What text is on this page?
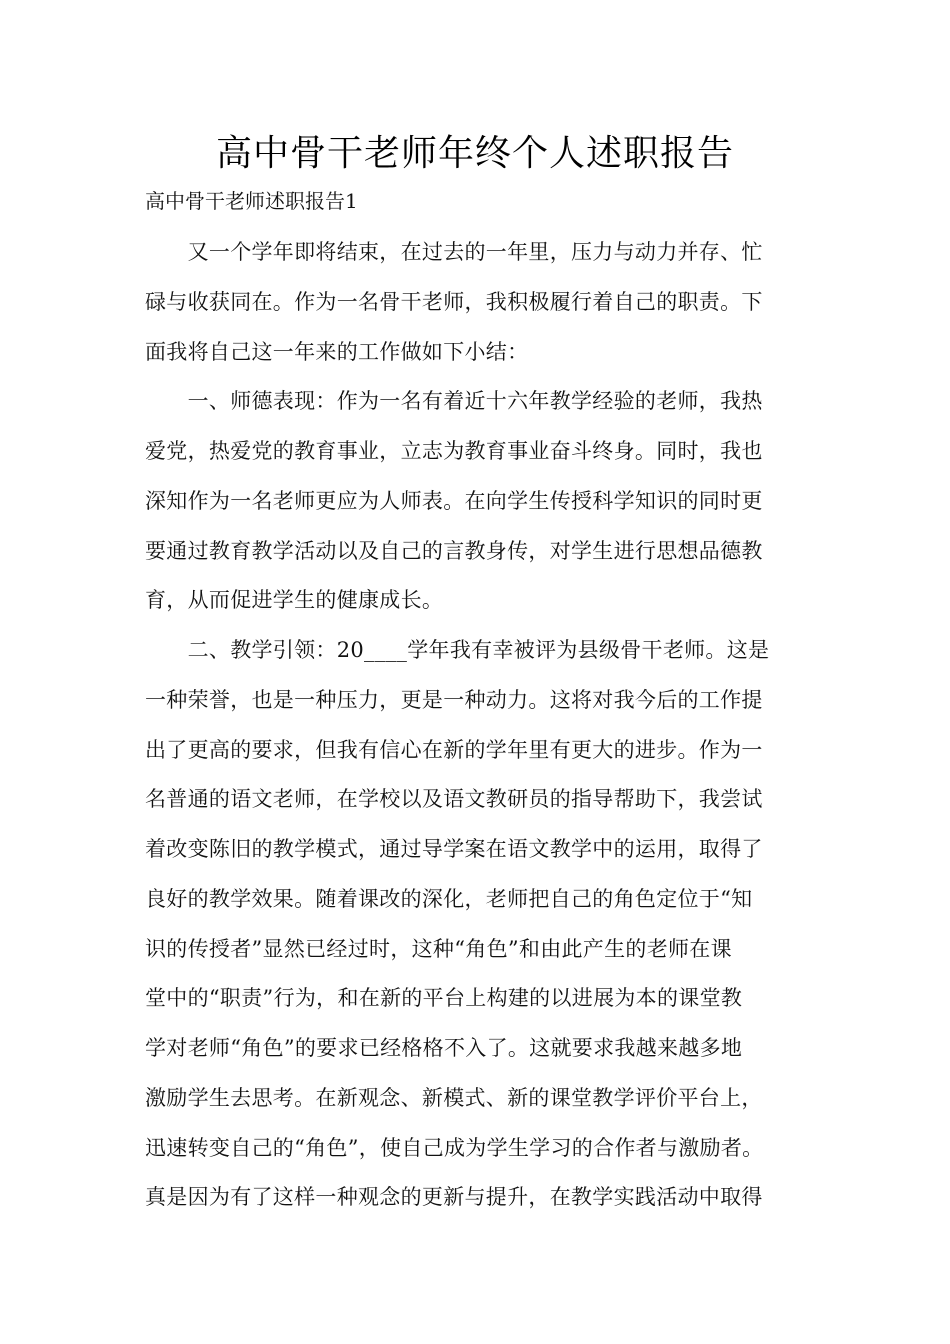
高中骨干老师年终个人述职报告
高中骨干老师述职报告1
　　又一个学年即将结束，在过去的一年里，压力与动力并存、忙
碌与收获同在。作为一名骨干老师，我积极履行着自己的职责。下
面我将自己这一年来的工作做如下小结：
　　一、师德表现：作为一名有着近十六年教学经验的老师，我热
爱党，热爱党的教育事业，立志为教育事业奋斗终身。同时，我也
深知作为一名老师更应为人师表。在向学生传授科学知识的同时更
要通过教育教学活动以及自己的言教身传，对学生进行思想品德教
育，从而促进学生的健康成长。
　　二、教学引领：20____学年我有幸被评为县级骨干老师。这是
一种荣誉，也是一种压力，更是一种动力。这将对我今后的工作提
出了更高的要求，但我有信心在新的学年里有更大的进步。作为一
名普通的语文老师，在学校以及语文教研员的指导帮助下，我尝试
着改变陈旧的教学模式，通过导学案在语文教学中的运用，取得了
良好的教学效果。随着课改的深化，老师把自己的角色定位于“知
识的传授者”显然已经过时，这种“角色”和由此产生的老师在课
堂中的“职责”行为，和在新的平台上构建的以进展为本的课堂教
学对老师“角色”的要求已经格格不入了。这就要求我越来越多地
激励学生去思考。在新观念、新模式、新的课堂教学评价平台上，
迅速转变自己的“角色”，使自己成为学生学习的合作者与激励者。
真是因为有了这样一种观念的更新与提升，在教学实践活动中取得
